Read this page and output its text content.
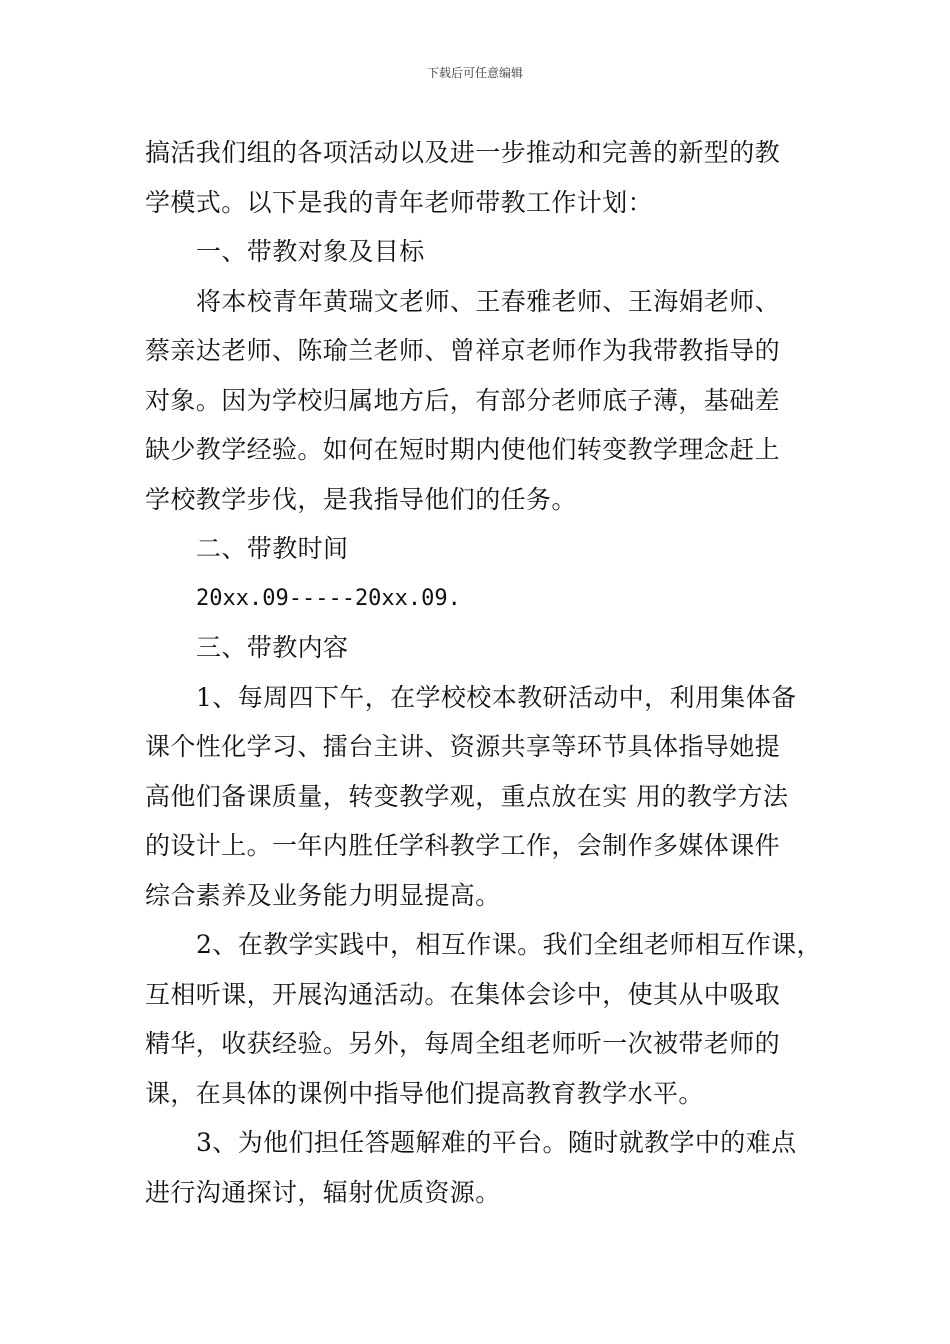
下载后可任意编辑
搞活我们组的各项活动以及进一步推动和完善的新型的教
学模式。以下是我的青年老师带教工作计划：
一、带教对象及目标
将本校青年黄瑞文老师、王春雅老师、王海娟老师、
蔡亲达老师、陈瑜兰老师、曾祥京老师作为我带教指导的
对象。因为学校归属地方后，有部分老师底子薄，基础差
缺少教学经验。如何在短时期内使他们转变教学理念赶上
学校教学步伐，是我指导他们的任务。
二、带教时间
20xx.09-----20xx.09.
三、带教内容
1、每周四下午，在学校校本教研活动中，利用集体备
课个性化学习、擂台主讲、资源共享等环节具体指导她提
高他们备课质量，转变教学观，重点放在实 用的教学方法
的设计上。一年内胜任学科教学工作，会制作多媒体课件
综合素养及业务能力明显提高。
2、在教学实践中，相互作课。我们全组老师相互作课，
互相听课，开展沟通活动。在集体会诊中，使其从中吸取
精华，收获经验。另外，每周全组老师听一次被带老师的
课，在具体的课例中指导他们提高教育教学水平。
3、为他们担任答题解难的平台。随时就教学中的难点
进行沟通探讨，辐射优质资源。
